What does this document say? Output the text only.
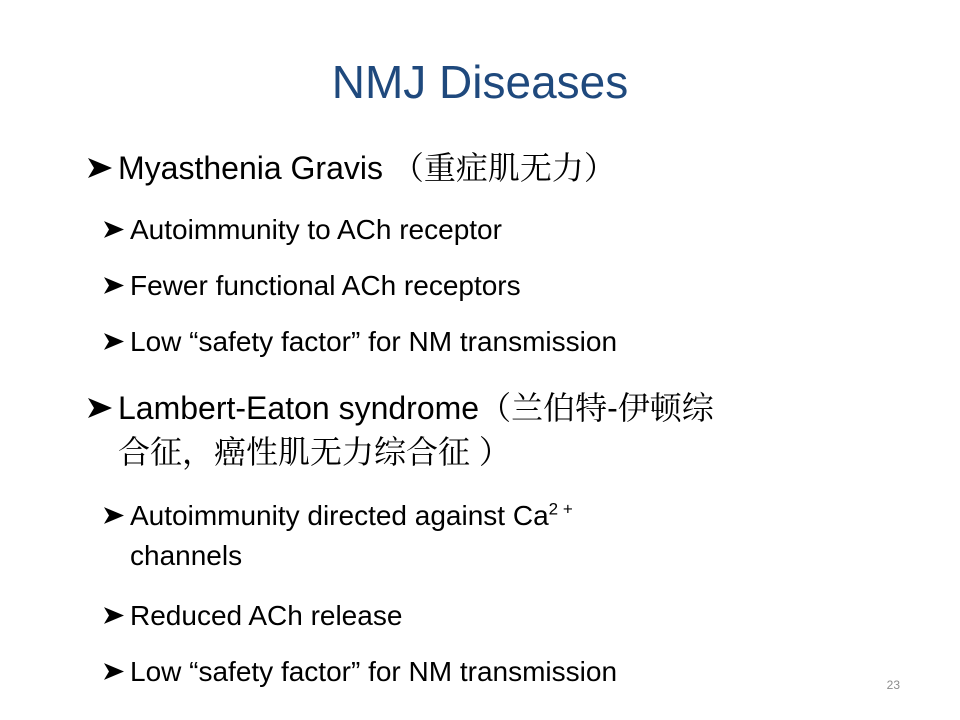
NMJ Diseases
Myasthenia Gravis （重症肌无力）
Autoimmunity to ACh receptor
Fewer functional ACh receptors
Low “safety factor” for NM transmission
Lambert-Eaton syndrome（兰伯特-伊顿综
合征，癌性肌无力综合征 ）
Autoimmunity directed against $Ca^{2 +}$
channels
Reduced ACh release
Low “safety factor” for NM transmission	23
